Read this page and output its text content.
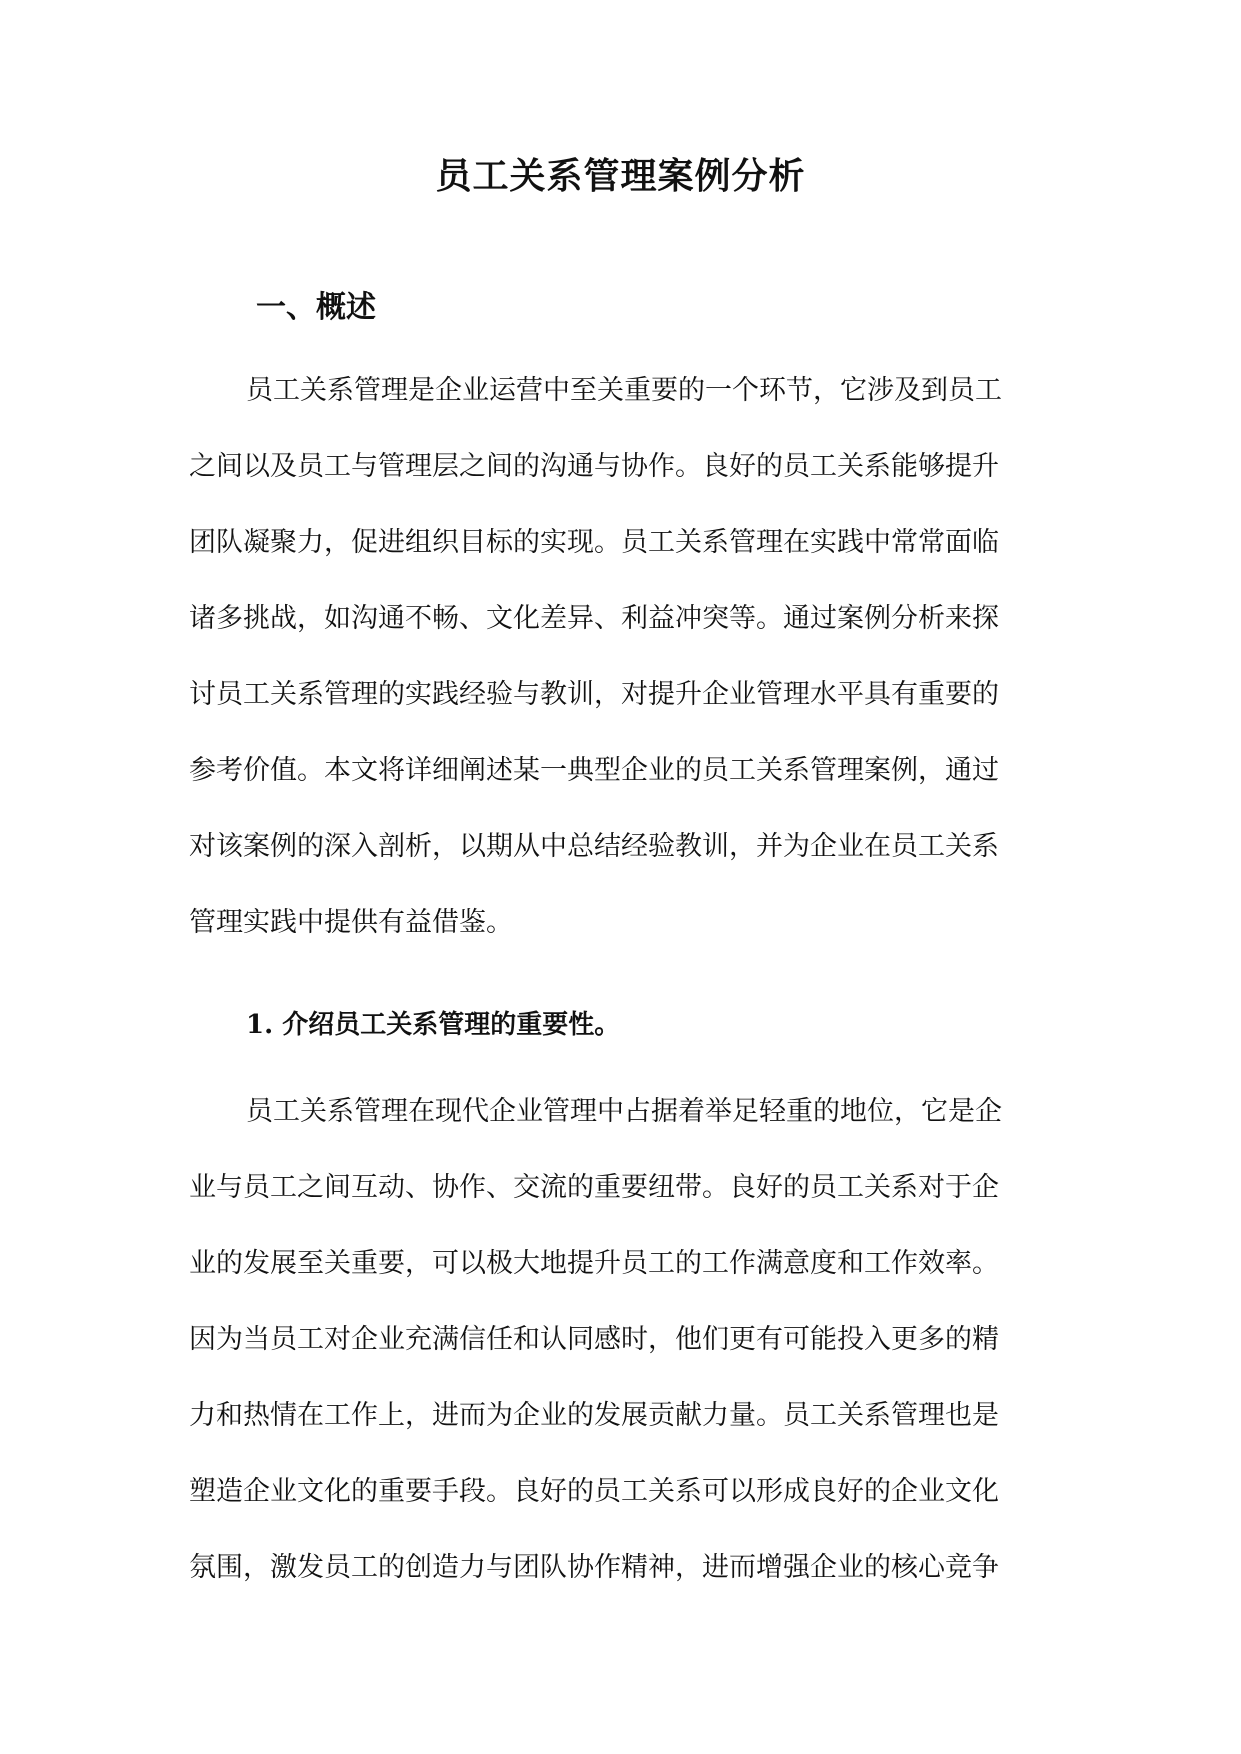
员工关系管理案例分析
一、概述

员工关系管理是企业运营中至关重要的一个环节，它涉及到员工
之间以及员工与管理层之间的沟通与协作。良好的员工关系能够提升
团队凝聚力，促进组织目标的实现。员工关系管理在实践中常常面临
诸多挑战，如沟通不畅、文化差异、利益冲突等。通过案例分析来探
讨员工关系管理的实践经验与教训，对提升企业管理水平具有重要的
参考价值。本文将详细阐述某一典型企业的员工关系管理案例，通过
对该案例的深入剖析，以期从中总结经验教训，并为企业在员工关系
管理实践中提供有益借鉴。

1. 介绍员工关系管理的重要性。

员工关系管理在现代企业管理中占据着举足轻重的地位，它是企
业与员工之间互动、协作、交流的重要纽带。良好的员工关系对于企
业的发展至关重要，可以极大地提升员工的工作满意度和工作效率。
因为当员工对企业充满信任和认同感时，他们更有可能投入更多的精
力和热情在工作上，进而为企业的发展贡献力量。员工关系管理也是
塑造企业文化的重要手段。良好的员工关系可以形成良好的企业文化
氛围，激发员工的创造力与团队协作精神，进而增强企业的核心竞争
